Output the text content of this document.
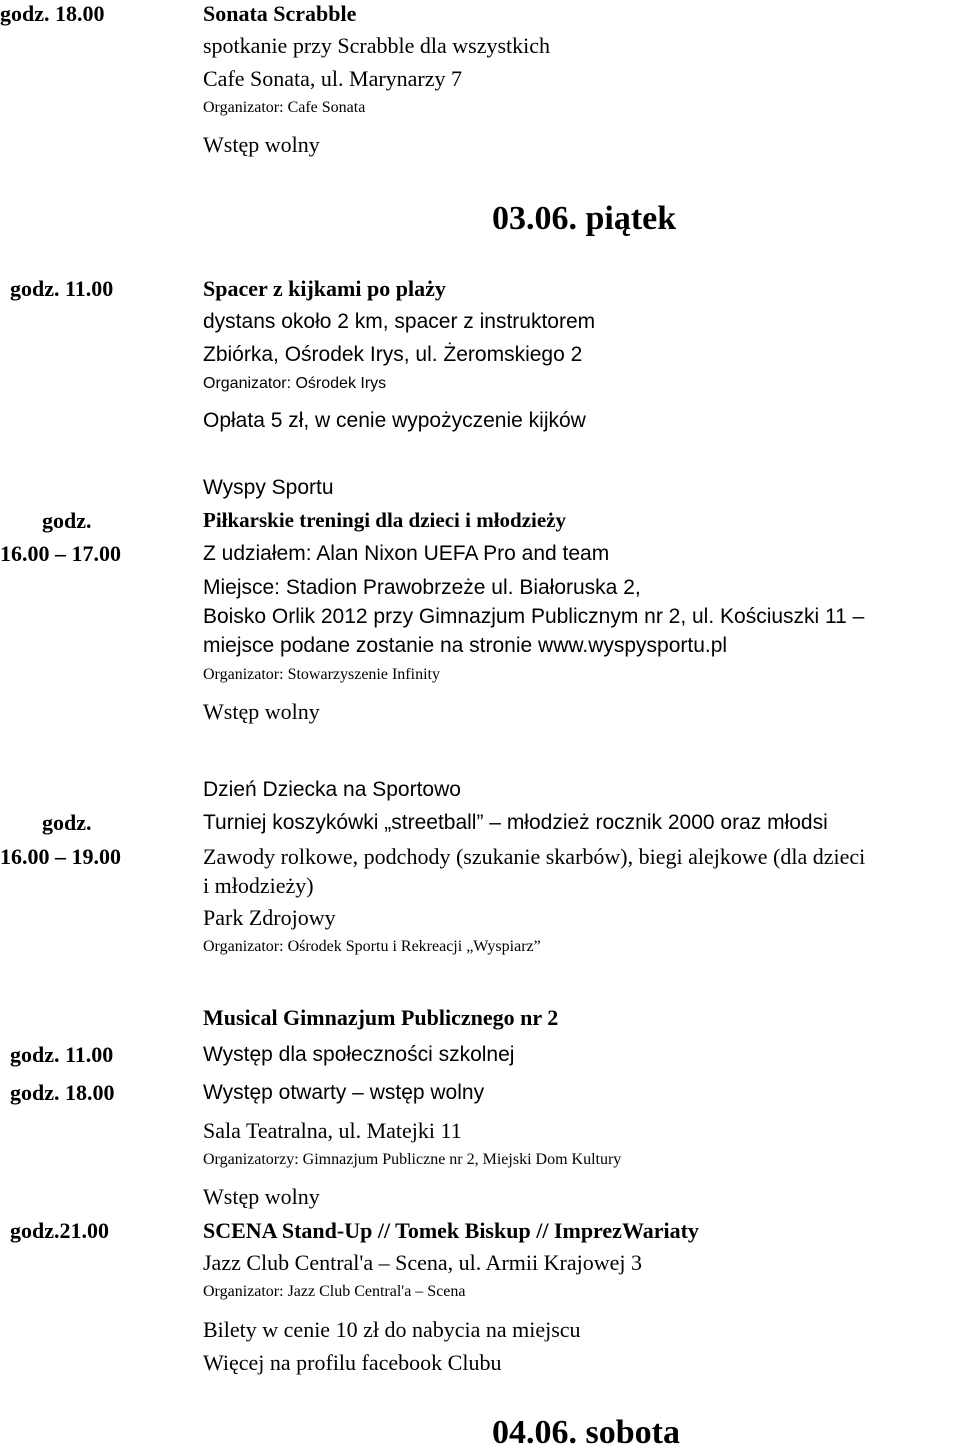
godz. 18.00	Sonata Scrabble
spotkanie przy Scrabble dla wszystkich
Cafe Sonata, ul. Marynarzy 7
Organizator: Cafe Sonata
Wstęp wolny
03.06. piątek
godz. 11.00	Spacer z kijkami po plaży
dystans około 2 km, spacer z instruktorem
Zbiórka, Ośrodek Irys, ul. Żeromskiego 2
Organizator: Ośrodek Irys
Opłata 5 zł, w cenie wypożyczenie kijków
Wyspy Sportu
godz.	Piłkarskie treningi dla dzieci i młodzieży
16.00 – 17.00	Z udziałem: Alan Nixon UEFA Pro and team
Miejsce: Stadion Prawobrzeże ul. Białoruska 2,
Boisko Orlik 2012 przy Gimnazjum Publicznym nr 2, ul. Kościuszki 11 –
miejsce podane zostanie na stronie www.wyspysportu.pl
Organizator: Stowarzyszenie Infinity
Wstęp wolny
Dzień Dziecka na Sportowo
godz.	Turniej koszykówki „streetball” – młodzież rocznik 2000 oraz młodsi
16.00 – 19.00	Zawody rolkowe, podchody (szukanie skarbów), biegi alejkowe (dla dzieci
i młodzieży)
Park Zdrojowy
Organizator: Ośrodek Sportu i Rekreacji „Wyspiarz”
Musical Gimnazjum Publicznego nr 2
godz. 11.00	Występ dla społeczności szkolnej
godz. 18.00	Występ otwarty – wstęp wolny
Sala Teatralna, ul. Matejki 11
Organizatorzy: Gimnazjum Publiczne nr 2, Miejski Dom Kultury
Wstęp wolny
godz.21.00	SCENA Stand-Up // Tomek Biskup // ImprezWariaty
Jazz Club Central'a – Scena, ul. Armii Krajowej 3
Organizator: Jazz Club Central'a – Scena
Bilety w cenie 10 zł do nabycia na miejscu
Więcej na profilu facebook Clubu
04.06. sobota
